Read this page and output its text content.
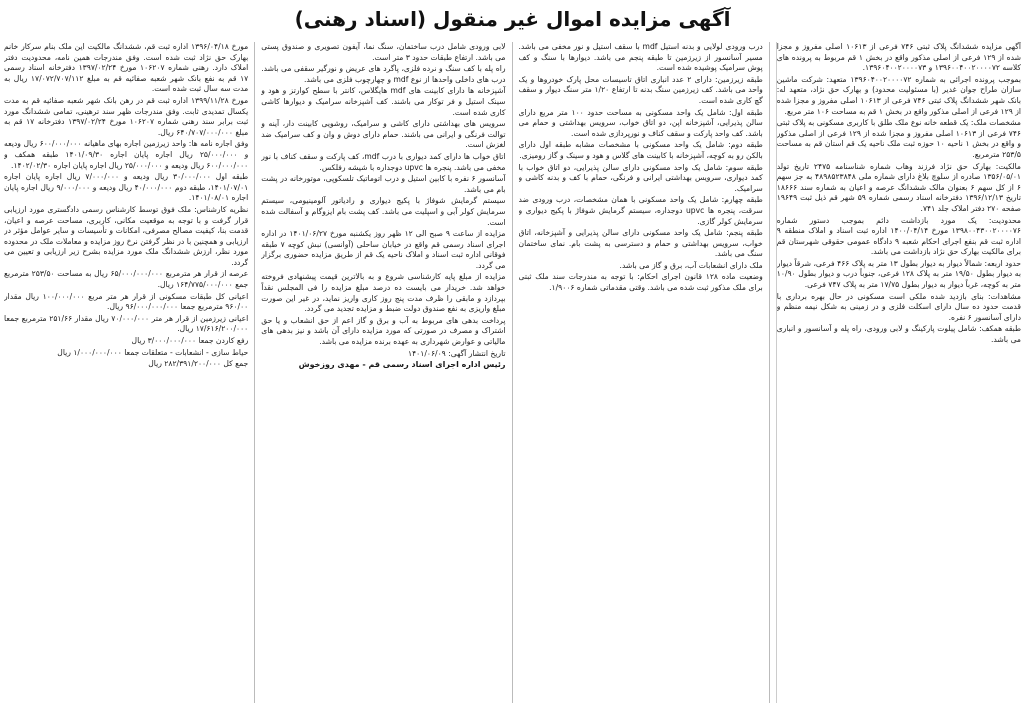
آگهی مزایده اموال غیر منقول (اسناد رهنی)

آگهی مزایده ششدانگ پلاک ثبتی ۷۴۶ فرعی از ۱۰۶۱۳ اصلی مفروز و مجزا شده از ۱۲۹ فرعی از اصلی مذکور واقع در بخش ۱ قم مربوط به پرونده های کلاسه ۱۳۹۶۰۰۴۰۰۲۰۰۰۰۷۲ و ۱۳۹۶۰۴۰۰۲۰۰۰۰۷۳.

بموجب پرونده اجرائی به شماره ۱۳۹۶۰۴۰۰۲۰۰۰۰۷۲ متعهد: شرکت ماشین سازان طراح جوان غدیر (با مسئولیت محدود) و بهارک حق نژاد، متعهد له: بانک شهر ششدانگ پلاک ثبتی ۷۴۶ فرعی از ۱۰۶۱۳ اصلی مفروز و مجزا شده از ۱۲۹ فرعی از اصلی مذکور واقع در بخش ۱ قم به مساحت ۱۰۶ متر مربع.

مشخصات ملک: یک قطعه خانه نوع ملک طلق با کاربری مسکونی به پلاک ثبتی ۷۴۶ فرعی از ۱۰۶۱۳ اصلی مفروز و مجزا شده از ۱۲۹ فرعی از اصلی مذکور و واقع در بخش ۱ ناحیه ۱۰ حوزه ثبت ملک ناحیه یک قم استان قم به مساحت ۲۵۳/۵ مترمربع.

مالکیت: بهارک حق نژاد فرزند وهاب شماره شناسنامه ۲۴۷۵ تاریخ تولد ۱۳۵۶/۰۵/۰۱ صادره از سلوچ بلاغ دارای شماره ملی ۴۸۹۸۵۲۳۸۴۸ به جز سهم ۶ از کل سهم ۶ بعنوان مالک ششدانگ عرصه و اعیان به شماره سند ۱۸۶۶۶ تاریخ ۱۳۹۶/۱۲/۱۳ دفترخانه اسناد رسمی شماره ۵۹ شهر قم ذیل ثبت ۱۹۶۴۹ صفحه ۲۷۰ دفتر املاک جلد ۷۴۱.

محدودیت: یک مورد بازداشت دائم بموجب دستور شماره ۱۳۹۸۰۰۴۳۰۰۲۰۰۰۰۷۶ مورخ ۱۴۰۰/۰۴/۱۴ اداره ثبت اسناد و املاک منطقه ۹ اداره ثبت قم بنفع اجرای احکام شعبه ۹ دادگاه عمومی حقوقی شهرستان قم برای مالکیت بهارک حق نژاد بازداشت می باشد.

حدود اربعه: شمالاً دیوار به دیوار بطول ۱۳ متر به پلاک ۴۶۶ فرعی، شرقاً دیوار به دیوار بطول ۱۹/۵۰ متر به پلاک ۱۲۸ فرعی، جنوباً درب و دیوار بطول ۱۰/۹۰ متر به کوچه، غرباً دیوار به دیوار بطول ۱۷/۷۵ متر به پلاک ۷۴۷ فرعی.

مشاهدات: بنای بازدید شده ملکی است مسکونی در حال بهره برداری با قدمت حدود ده سال دارای اسکلت فلزی و در زمینی به شکل نیمه منظم و دارای آسانسور ۶ نفره.

طبقه همکف: شامل پیلوت پارکینگ و لابی ورودی، راه پله و آسانسور و انباری می باشد.

درب ورودی لولایی و بدنه استیل mdf با سقف استیل و نور مخفی می باشد. مسیر آسانسور از زیرزمین تا طبقه پنجم می باشد. دیوارها با سنگ و کف پوش سرامیک پوشیده شده است.

طبقه زیرزمین: دارای ۲ عدد انباری اتاق تاسیسات محل پارک خودروها و یک واحد می باشد. کف زیرزمین سنگ بدنه تا ارتفاع ۱/۲۰ متر سنگ دیوار و سقف گچ کاری شده است.

طبقه اول: شامل یک واحد مسکونی به مساحت حدود ۱۰۰ متر مربع دارای سالن پذیرایی، آشپزخانه اپن، دو اتاق خواب، سرویس بهداشتی و حمام می باشد. کف واحد پارکت و سقف کناف و نورپردازی شده است.

طبقه دوم: شامل یک واحد مسکونی با مشخصات مشابه طبقه اول دارای بالکن رو به کوچه، آشپزخانه با کابینت های گلاس و هود و سینک و گاز رومیزی.

طبقه سوم: شامل یک واحد مسکونی دارای سالن پذیرایی، دو اتاق خواب با کمد دیواری، سرویس بهداشتی ایرانی و فرنگی، حمام با کف و بدنه کاشی و سرامیک.

طبقه چهارم: شامل یک واحد مسکونی با همان مشخصات، درب ورودی ضد سرقت، پنجره ها upvc دوجداره، سیستم گرمایش شوفاژ با پکیج دیواری و سرمایش کولر گازی.

طبقه پنجم: شامل یک واحد مسکونی دارای سالن پذیرایی و آشپزخانه، اتاق خواب، سرویس بهداشتی و حمام و دسترسی به پشت بام. نمای ساختمان سنگ می باشد.

ملک دارای انشعابات آب، برق و گاز می باشد.

وضعیت ماده ۱۲۸ قانون اجرای احکام: با توجه به مندرجات سند ملک ثبتی برای ملک مذکور ثبت شده می باشد. وقتی مقدماتی شماره ۱/۹۰۰۶.

لابی ورودی شامل درب ساختمان، سنگ نما، آیفون تصویری و صندوق پستی می باشد. ارتفاع طبقات حدود ۳ متر است.

راه پله با کف سنگ و نرده فلزی، پاگرد های عریض و نورگیر سقفی می باشد. درب های داخلی واحدها از نوع mdf و چهارچوب فلزی می باشد.

آشپزخانه ها دارای کابینت های mdf هایگلاس، کانتر با سطح کوارتز و هود و سینک استیل و فر توکار می باشند. کف آشپزخانه سرامیک و دیوارها کاشی کاری شده است.

سرویس های بهداشتی دارای کاشی و سرامیک، روشویی کابینت دار، آینه و توالت فرنگی و ایرانی می باشند. حمام دارای دوش و وان و کف سرامیک ضد لغزش است.

اتاق خواب ها دارای کمد دیواری با درب mdf، کف پارکت و سقف کناف با نور مخفی می باشد. پنجره ها upvc دوجداره با شیشه رفلکس.

آسانسور ۶ نفره با کابین استیل و درب اتوماتیک تلسکوپی، موتورخانه در پشت بام می باشد.

سیستم گرمایش شوفاژ با پکیج دیواری و رادیاتور آلومینیومی، سیستم سرمایش کولر آبی و اسپلیت می باشد. کف پشت بام ایزوگام و آسفالت شده است.

مزایده از ساعت ۹ صبح الی ۱۲ ظهر روز یکشنبه مورخ ۱۴۰۱/۰۶/۲۷ در اداره اجرای اسناد رسمی قم واقع در خیابان ساحلی (آوانسی) نبش کوچه ۷ طبقه فوقانی اداره ثبت اسناد و املاک ناحیه یک قم از طریق مزایده حضوری برگزار می گردد.

مزایده از مبلغ پایه کارشناسی شروع و به بالاترین قیمت پیشنهادی فروخته خواهد شد. خریدار می بایست ده درصد مبلغ مزایده را فی المجلس نقداً بپردازد و مابقی را ظرف مدت پنج روز کاری واریز نماید، در غیر این صورت مبلغ واریزی به نفع صندوق دولت ضبط و مزایده تجدید می گردد.

پرداخت بدهی های مربوط به آب و برق و گاز اعم از حق انشعاب و یا حق اشتراک و مصرف در صورتی که مورد مزایده دارای آن باشد و نیز بدهی های مالیاتی و عوارض شهرداری به عهده برنده مزایده می باشد.

تاریخ انتشار آگهی: ۱۴۰۱/۰۶/۰۹

رئیس اداره اجرای اسناد رسمی قم - مهدی روزخوش

مورخ ۱۳۹۶/۰۴/۱۸ اداره ثبت قم، ششدانگ مالکیت این ملک بنام سرکار خانم بهارک حق نژاد ثبت شده است. وفق مندرجات همین نامه، محدودیت دفتر املاک دارد. رهنی شماره ۱۰۶۲۰۷ مورخ ۱۳۹۷/۰۲/۲۴ دفترخانه اسناد رسمی ۱۷ قم به نفع بانک شهر شعبه صفائیه قم به مبلغ ۱۷/۰۷۲/۷۰۷/۱۱۲ ریال به مدت سه سال ثبت شده است.

مورخ ۱۳۹۹/۱۱/۲۸ اداره ثبت قم در رهن بانک شهر شعبه صفائیه قم به مدت یکسال تمدیدی ثابت. وفق مندرجات ظهر سند ترهینی، تمامی ششدانگ مورد ثبت برابر سند رهنی شماره ۱۰۶۲۰۷ مورخ ۱۳۹۷/۰۲/۲۴ دفترخانه ۱۷ قم به مبلغ ۶۴۰/۷۰۷/۰۰۰/۰۰۰ ریال.

وفق اجاره نامه ها: واحد زیرزمین اجاره بهای ماهیانه ۶۰۰/۰۰۰/۰۰۰ ریال ودیعه و ۲۵/۰۰۰/۰۰۰ ریال اجاره پایان اجاره ۱۴۰۱/۰۹/۳۰ طبقه همکف و ۶۰۰/۰۰۰/۰۰۰ ریال ودیعه و ۲۵/۰۰۰/۰۰۰ ریال اجاره پایان اجاره ۱۴۰۲/۰۲/۳۰.

طبقه اول ۳۰/۰۰۰/۰۰۰ ریال ودیعه و ۷/۰۰۰/۰۰۰ ریال اجاره پایان اجاره ۱۴۰۱/۰۷/۰۱، طبقه دوم ۴۰/۰۰۰/۰۰۰ ریال ودیعه و ۹/۰۰۰/۰۰۰ ریال اجاره پایان اجاره ۱۴۰۱/۰۸/۰۱.

نظریه کارشناس: ملک فوق توسط کارشناس رسمی دادگستری مورد ارزیابی قرار گرفت و با توجه به موقعیت مکانی، کاربری، مساحت عرصه و اعیان، قدمت بنا، کیفیت مصالح مصرفی، امکانات و تأسیسات و سایر عوامل مؤثر در ارزیابی و همچنین با در نظر گرفتن نرخ روز مزایده و معاملات ملک در محدوده مورد نظر، ارزش ششدانگ ملک مورد مزایده بشرح زیر ارزیابی و تعیین می گردد.

عرصه از قرار هر مترمربع ۶۵/۰۰۰/۰۰۰/۰۰۰ ریال به مساحت ۲۵۳/۵۰ مترمربع جمع ۱۶۴/۷۷۵/۰۰۰/۰۰۰ ریال.

اعیانی کل طبقات مسکونی از قرار هر متر مربع ۱۰۰/۰۰۰/۰۰۰ ریال مقدار ۹۶۰/۰۰ مترمربع جمعا ۹۶/۰۰۰/۰۰۰/۰۰۰ ریال.

اعیانی زیرزمین از قرار هر متر ۷۰/۰۰۰/۰۰۰ ریال مقدار ۲۵۱/۶۶ مترمربع جمعا ۱۷/۶۱۶/۲۰۰/۰۰۰ ریال.

رفع کاردن جمعا ۳/۰۰۰/۰۰۰/۰۰۰ ریال

حیاط سازی - انشعابات - متعلقات جمعا ۱/۰۰۰/۰۰۰/۰۰۰ ریال

جمع کل ۲۸۲/۳۹۱/۲۰۰/۰۰۰ ریال
